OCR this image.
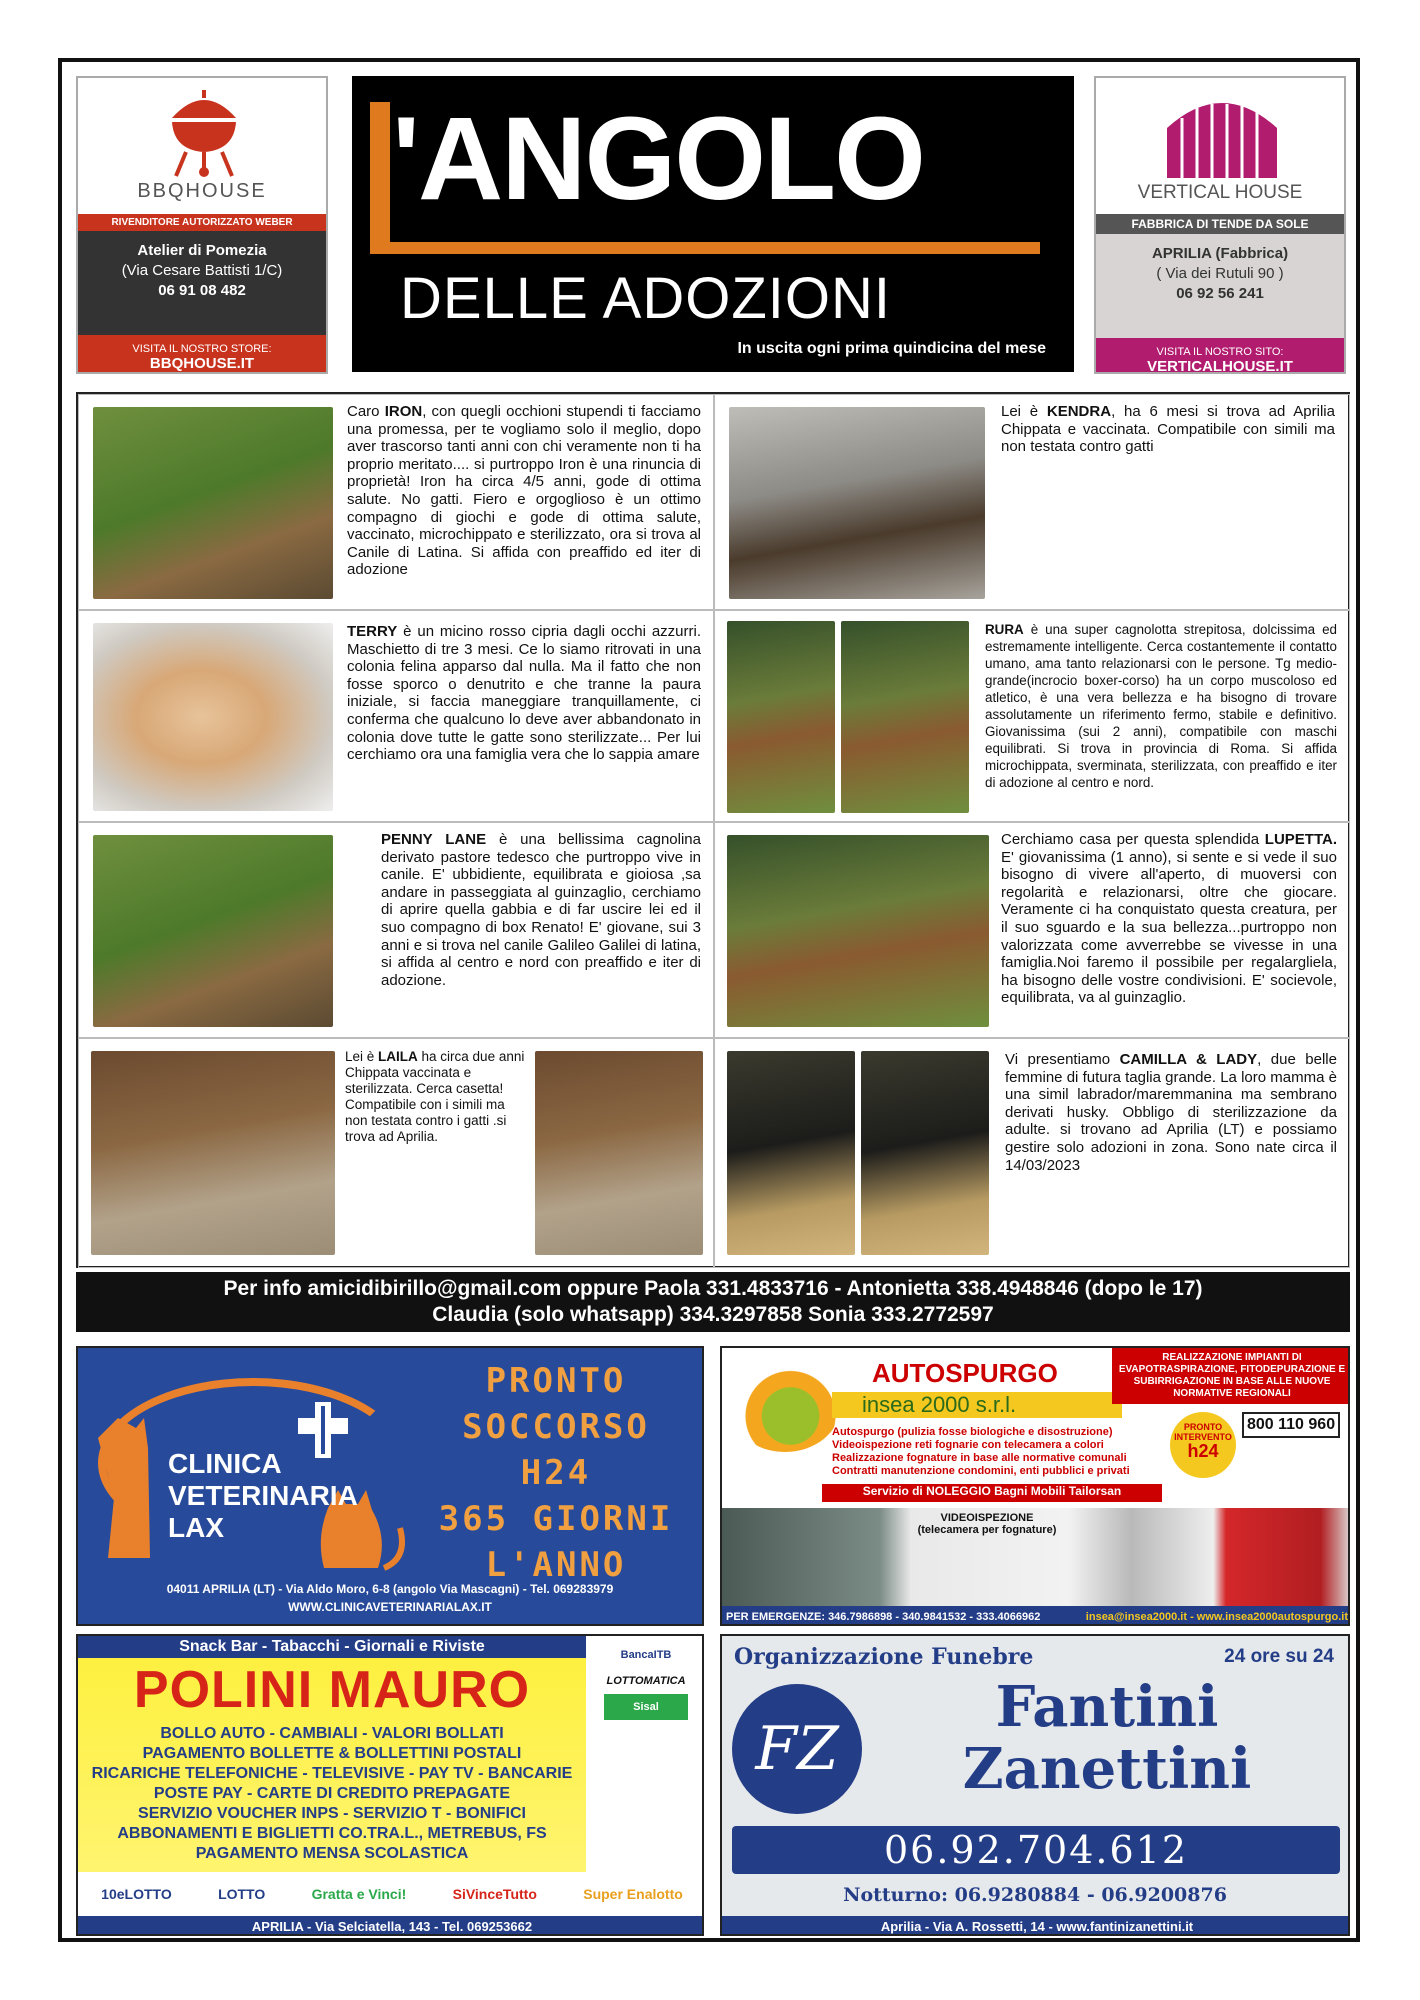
BBQHOUSE
RIVENDITORE AUTORIZZATO WEBER
Atelier di Pomezia
(Via Cesare Battisti 1/C)
06 91 08 482
VISITA IL NOSTRO STORE:
BBQHOUSE.IT
'ANGOLO
DELLE ADOZIONI
In uscita ogni prima quindicina del mese
VERTICAL HOUSE
FABBRICA DI TENDE DA SOLE
APRILIA (Fabbrica)
( Via dei Rutuli 90 )
06 92 56 241
VISITA IL NOSTRO SITO:
VERTICALHOUSE.IT
Caro IRON, con quegli occhioni stupendi ti facciamo una promessa, per te vogliamo solo il meglio, dopo aver trascorso tanti anni con chi veramente non ti ha proprio meritato.... si purtroppo Iron è una rinuncia di proprietà! Iron ha circa 4/5 anni, gode di ottima salute. No gatti. Fiero e orgoglioso è un ottimo compagno di giochi e gode di ottima salute, vaccinato, microchippato e sterilizzato, ora si trova al Canile di Latina. Si affida con preaffido ed iter di adozione
Lei è KENDRA, ha 6 mesi si trova ad Aprilia Chippata e vaccinata. Compatibile con simili ma non testata contro gatti
TERRY è un micino rosso cipria dagli occhi azzurri. Maschietto di tre 3 mesi. Ce lo siamo ritrovati in una colonia felina apparso dal nulla. Ma il fatto che non fosse sporco o denutrito e che tranne la paura iniziale, si faccia maneggiare tranquillamente, ci conferma che qualcuno lo deve aver abbandonato in colonia dove tutte le gatte sono sterilizzate... Per lui cerchiamo ora una famiglia vera che lo sappia amare
RURA è una super cagnolotta strepitosa, dolcissima ed estremamente intelligente. Cerca costantemente il contatto umano, ama tanto relazionarsi con le persone. Tg medio-grande(incrocio boxer-corso) ha un corpo muscoloso ed atletico, è una vera bellezza e ha bisogno di trovare assolutamente un riferimento fermo, stabile e definitivo. Giovanissima (sui 2 anni), compatibile con maschi equilibrati. Si trova in provincia di Roma. Si affida microchippata, sverminata, sterilizzata, con preaffido e iter di adozione al centro e nord.
PENNY LANE è una bellissima cagnolina derivato pastore tedesco che purtroppo vive in canile. E' ubbidiente, equilibrata e gioiosa ,sa andare in passeggiata al guinzaglio, cerchiamo di aprire quella gabbia e di far uscire lei ed il suo compagno di box Renato! E' giovane, sui 3 anni e si trova nel canile Galileo Galilei di latina, si affida al centro e nord con preaffido e iter di adozione.
Cerchiamo casa per questa splendida LUPETTA. E' giovanissima (1 anno), si sente e si vede il suo bisogno di vivere all'aperto, di muoversi con regolarità e relazionarsi, oltre che giocare. Veramente ci ha conquistato questa creatura, per il suo sguardo e la sua bellezza...purtroppo non valorizzata come avverrebbe se vivesse in una famiglia.Noi faremo il possibile per regalargliela, ha bisogno delle vostre condivisioni. E' socievole, equilibrata, va al guinzaglio.
Lei è LAILA ha circa due anni Chippata vaccinata e sterilizzata. Cerca casetta! Compatibile con i simili ma non testata contro i gatti .si trova ad Aprilia.
Vi presentiamo CAMILLA & LADY, due belle femmine di futura taglia grande. La loro mamma è una simil labrador/maremmanina ma sembrano derivati husky. Obbligo di sterilizzazione da adulte. si trovano ad Aprilia (LT) e possiamo gestire solo adozioni in zona. Sono nate circa il 14/03/2023
Per info amicidibirillo@gmail.com oppure Paola 331.4833716 - Antonietta 338.4948846 (dopo le 17)
Claudia (solo whatsapp) 334.3297858 Sonia 333.2772597
CLINICA
VETERINARIA
LAX
PRONTO
SOCCORSO
H24
365 GIORNI
L'ANNO
04011 APRILIA (LT) - Via Aldo Moro, 6-8 (angolo Via Mascagni) - Tel. 069283979
WWW.CLINICAVETERINARIALAX.IT
AUTOSPURGO
insea 2000 s.r.l.
Autospurgo (pulizia fosse biologiche e disostruzione)
Videoispezione reti fognarie con telecamera a colori
Realizzazione fognature in base alle normative comunali
Contratti manutenzione condomini, enti pubblici e privati
Servizio di NOLEGGIO Bagni Mobili Tailorsan
REALIZZAZIONE IMPIANTI DI EVAPOTRASPIRAZIONE, FITODEPURAZIONE E SUBIRRIGAZIONE IN BASE ALLE NUOVE NORMATIVE REGIONALI
PRONTO INTERVENTO
h24
800 110 960
VIDEOISPEZIONE
(telecamera per fognature)
insea@insea2000.it - www.insea2000autospurgo.it
PER EMERGENZE: 346.7986898 - 340.9841532 - 333.4066962
Snack Bar - Tabacchi - Giornali e Riviste
POLINI MAURO
BOLLO AUTO - CAMBIALI - VALORI BOLLATI
PAGAMENTO BOLLETTE & BOLLETTINI POSTALI
RICARICHE TELEFONICHE - TELEVISIVE - PAY TV - BANCARIE
POSTE PAY - CARTE DI CREDITO PREPAGATE
SERVIZIO VOUCHER INPS - SERVIZIO T - BONIFICI
ABBONAMENTI E BIGLIETTI CO.TRA.L., METREBUS, FS
PAGAMENTO MENSA SCOLASTICA
BancaITB
LOTTOMATICA
Sisal
10eLOTTO	LOTTO	Gratta e Vinci!	SiVinceTutto	Super Enalotto
APRILIA - Via Selciatella, 143 - Tel. 069253662
Organizzazione Funebre	24 ore su 24
FZ
Fantini
Zanettini
06.92.704.612
Notturno: 06.9280884 - 06.9200876
Aprilia - Via A. Rossetti, 14 - www.fantinizanettini.it
